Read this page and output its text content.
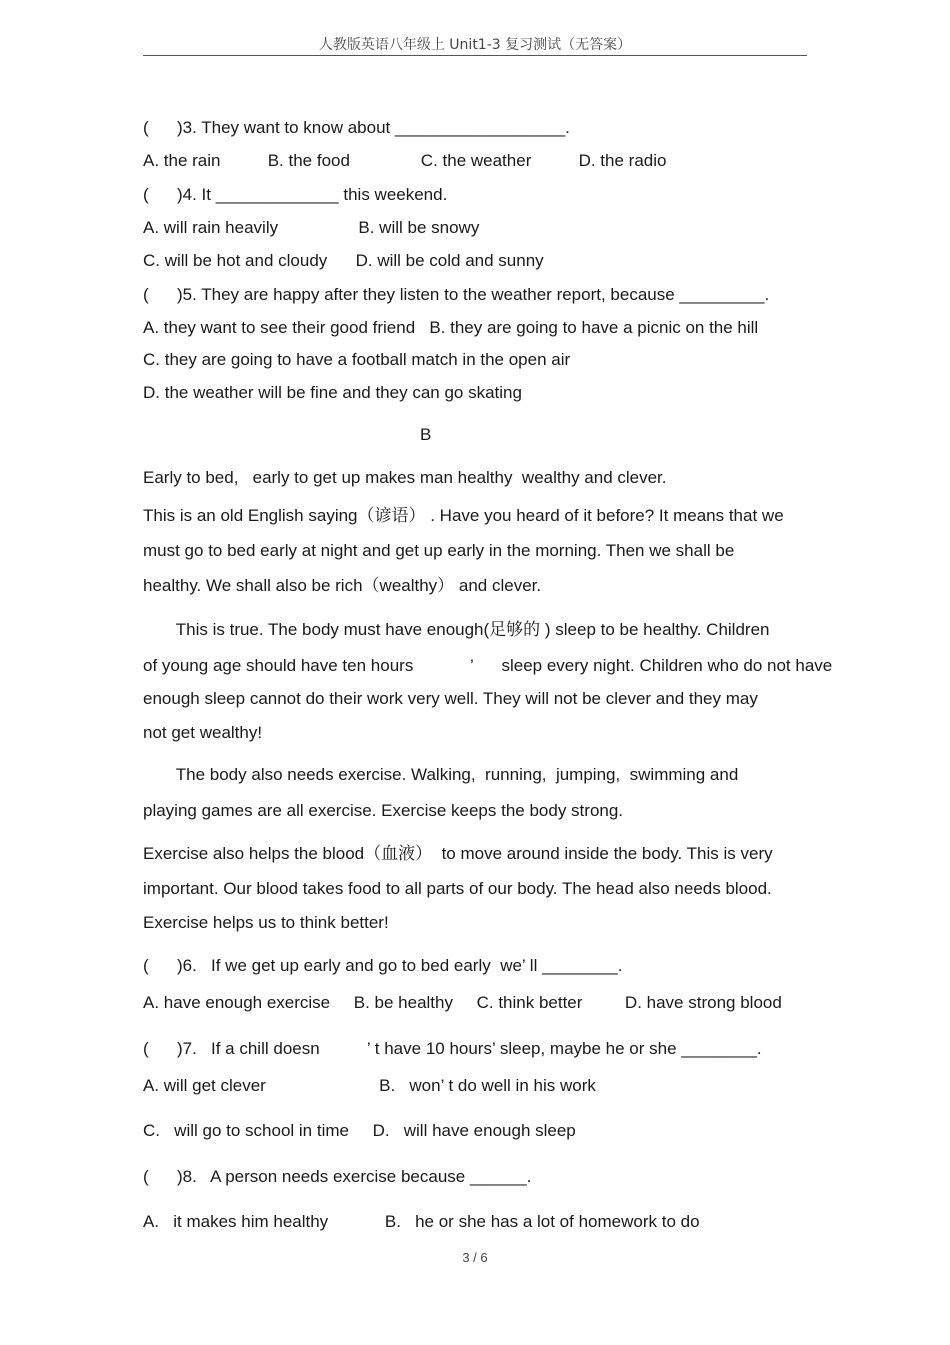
人教版英语八年级上 Unit1-3 复习测试（无答案）
(      )3. They want to know about __________________.
A. the rain          B. the food               C. the weather          D. the radio
(      )4. It _____________ this weekend.
A. will rain heavily                 B. will be snowy
C. will be hot and cloudy      D. will be cold and sunny
(      )5. They are happy after they listen to the weather report, because _________.
A. they want to see their good friend   B. they are going to have a picnic on the hill
C. they are going to have a football match in the open air
D. the weather will be fine and they can go skating
B
Early to bed,   early to get up makes man healthy  wealthy and clever.
This is an old English saying（谚语） . Have you heard of it before? It means that we
must go to bed early at night and get up early in the morning. Then we shall be
healthy. We shall also be rich（wealthy） and clever.
This is true. The body must have enough(足够的 ) sleep to be healthy. Children
of young age should have ten hours            ’      sleep every night. Children who do not have
enough sleep cannot do their work very well. They will not be clever and they may
not get wealthy!
The body also needs exercise. Walking,  running,  jumping,  swimming and
playing games are all exercise. Exercise keeps the body strong.
Exercise also helps the blood（血液）  to move around inside the body. This is very
important. Our blood takes food to all parts of our body. The head also needs blood.
Exercise helps us to think better!
(      )6.   If we get up early and go to bed early  we’ ll ________.
A. have enough exercise     B. be healthy     C. think better         D. have strong blood
(      )7.   If a chill doesn          ’ t have 10 hours’ sleep, maybe he or she ________.
A. will get clever                        B.   won’ t do well in his work
C.   will go to school in time     D.   will have enough sleep
(      )8.   A person needs exercise because ______.
A.   it makes him healthy            B.   he or she has a lot of homework to do
3 / 6
